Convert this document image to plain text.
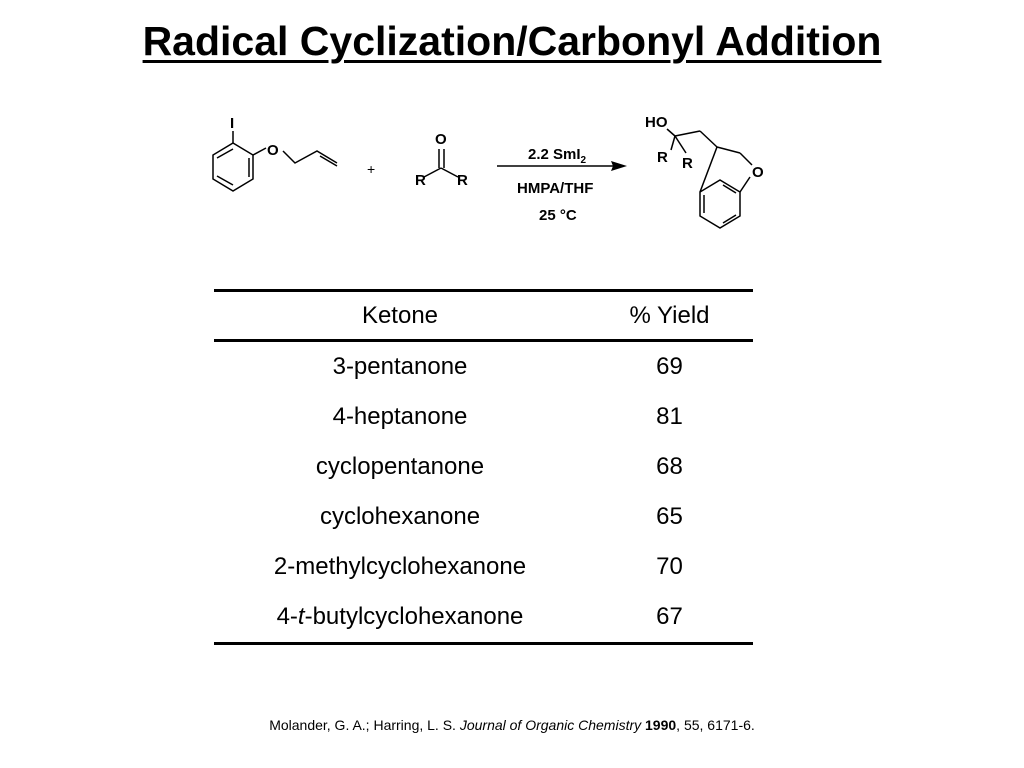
Radical Cyclization/Carbonyl Addition
I
O
+
O
R R
2.2 SmI$_2$
HMPA/THF
25 °C
HO
R R
O
Ketone	% Yield
3-pentanone	69
4-heptanone	81
cyclopentanone	68
cyclohexanone	65
2-methylcyclohexanone	70
4-t-butylcyclohexanone	67
Molander, G. A.; Harring, L. S. Journal of Organic Chemistry 1990, 55, 6171-6.
